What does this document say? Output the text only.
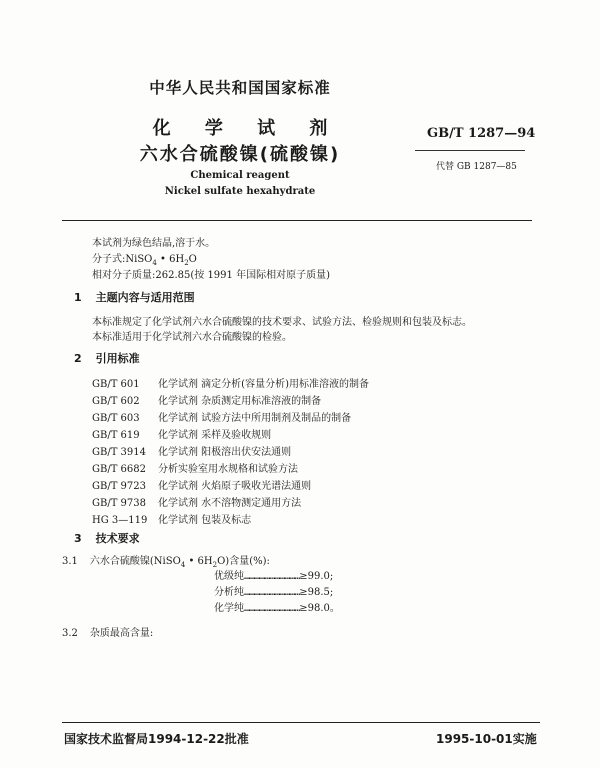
中华人民共和国国家标准
化 学 试 剂
六水合硫酸镍(硫酸镍)
GB/T 1287—94
代替 GB 1287—85
Chemical reagent
Nickel sulfate hexahydrate
本试剂为绿色结晶,溶于水。
分子式:NiSO$_4$ • $6H_2O$
相对分子质量:262.85(按 1991 年国际相对原子质量)
1 主题内容与适用范围
本标准规定了化学试剂六水合硫酸镍的技术要求、试验方法、检验规则和包装及标志。
本标准适用于化学试剂六水合硫酸镍的检验。
2 引用标准
GB/T 601 化学试剂 滴定分析(容量分析)用标准溶液的制备
GB/T 602 化学试剂 杂质测定用标准溶液的制备
GB/T 603 化学试剂 试验方法中所用制剂及制品的制备
GB/T 619 化学试剂 采样及验收规则
GB/T 3914 化学试剂 阳极溶出伏安法通则
GB/T 6682 分析实验室用水规格和试验方法
GB/T 9723 化学试剂 火焰原子吸收光谱法通则
GB/T 9738 化学试剂 水不溶物测定通用方法
HG 3—119 化学试剂 包装及标志
3 技术要求
3.1 六水合硫酸镍(NiSO$_4$ • $6H_2O$)含量(%):
优级纯……………………………≥99.0;
分析纯……………………………≥98.5;
化学纯……………………………≥98.0。
3.2 杂质最高含量:
国家技术监督局1994-12-22批准	1995-10-01实施
